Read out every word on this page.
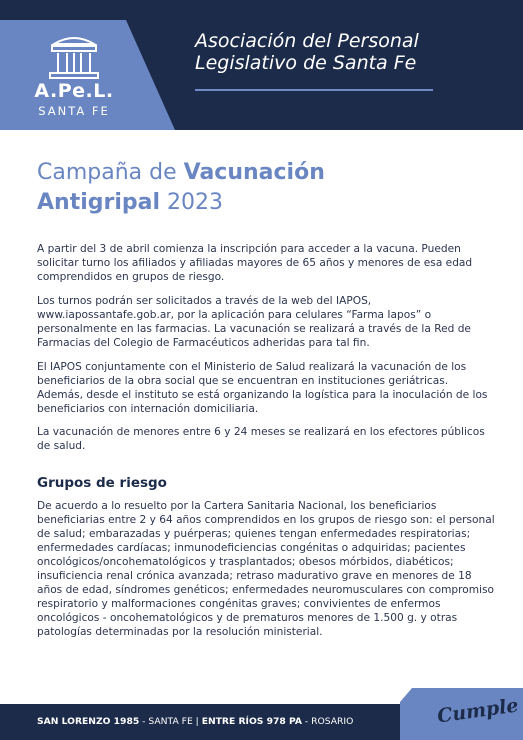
A.Pe.L.
SANTA FE
Asociación del Personal
Legislativo de Santa Fe
Campaña de Vacunación
Antigripal 2023

A partir del 3 de abril comienza la inscripción para acceder a la vacuna. Pueden solicitar turno los afiliados y afiliadas mayores de 65 años y menores de esa edad comprendidos en grupos de riesgo.

Los turnos podrán ser solicitados a través de la web del IAPOS, www.iapossantafe.gob.ar, por la aplicación para celulares “Farma Iapos” o personalmente en las farmacias. La vacunación se realizará a través de la Red de Farmacias del Colegio de Farmacéuticos adheridas para tal fin.

El IAPOS conjuntamente con el Ministerio de Salud realizará la vacunación de los beneficiarios de la obra social que se encuentran en instituciones geriátricas. Además, desde el instituto se está organizando la logística para la inoculación de los beneficiarios con internación domiciliaria.

La vacunación de menores entre 6 y 24 meses se realizará en los efectores públicos de salud.

Grupos de riesgo

De acuerdo a lo resuelto por la Cartera Sanitaria Nacional, los beneficiarios beneficiarias entre 2 y 64 años comprendidos en los grupos de riesgo son: el personal de salud; embarazadas y puérperas; quienes tengan enfermedades respiratorias; enfermedades cardíacas; inmunodeficiencias congénitas o adquiridas; pacientes oncológicos/oncohematológicos y trasplantados; obesos mórbidos, diabéticos; insuficiencia renal crónica avanzada; retraso madurativo grave en menores de 18 años de edad, síndromes genéticos; enfermedades neuromusculares con compromiso respiratorio y malformaciones congénitas graves; convivientes de enfermos oncológicos - oncohematológicos y de prematuros menores de 1.500 g. y otras patologías determinadas por la resolución ministerial.

SAN LORENZO 1985 - SANTA FE | ENTRE RÍOS 978 PA - ROSARIO	Cumple
